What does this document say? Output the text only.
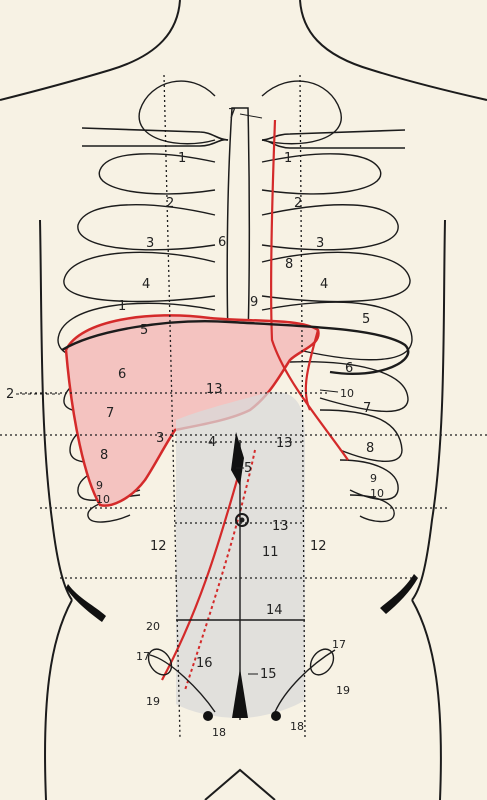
1
2
3
4
5
6
7
8
9
10
1
2
3
4
5
6
7
8
9
10
2
6
7
8
9
10
1
3	4
5
11
12	12
13
13
13
14
15
16
17
17
18	18
19
19
20
